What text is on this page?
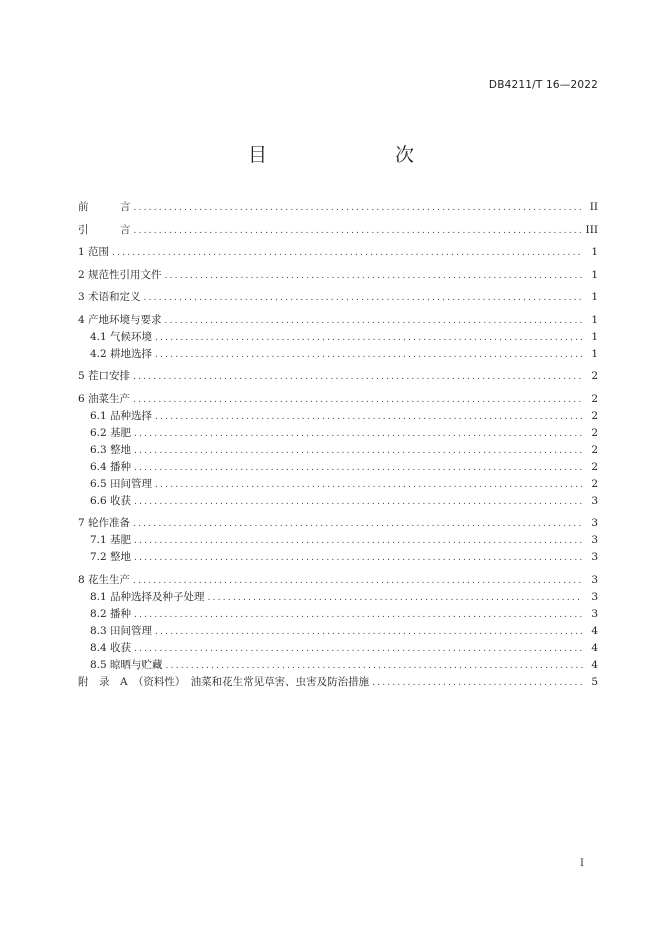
DB4211/T 16—2022
目　　次
前　　　言 .....	II
引　　　言 .....	III
1 范围 .....	1
2 规范性引用文件 .....	1
3 术语和定义 .....	1
4 产地环境与要求 .....	1
4.1 气候环境 .....	1
4.2 耕地选择 .....	1
5 茬口安排 .....	2
6 油菜生产 .....	2
6.1 品种选择 .....	2
6.2 基肥 .....	2
6.3 整地 .....	2
6.4 播种 .....	2
6.5 田间管理 .....	2
6.6 收获 .....	3
7 轮作准备 .....	3
7.1 基肥 .....	3
7.2 整地 .....	3
8 花生生产 .....	3
8.1 品种选择及种子处理 .....	3
8.2 播种 .....	3
8.3 田间管理 .....	4
8.4 收获 .....	4
8.5 晾晒与贮藏 .....	4
附　录　A　（资料性）　油菜和花生常见草害、虫害及防治措施 .....	5
I
